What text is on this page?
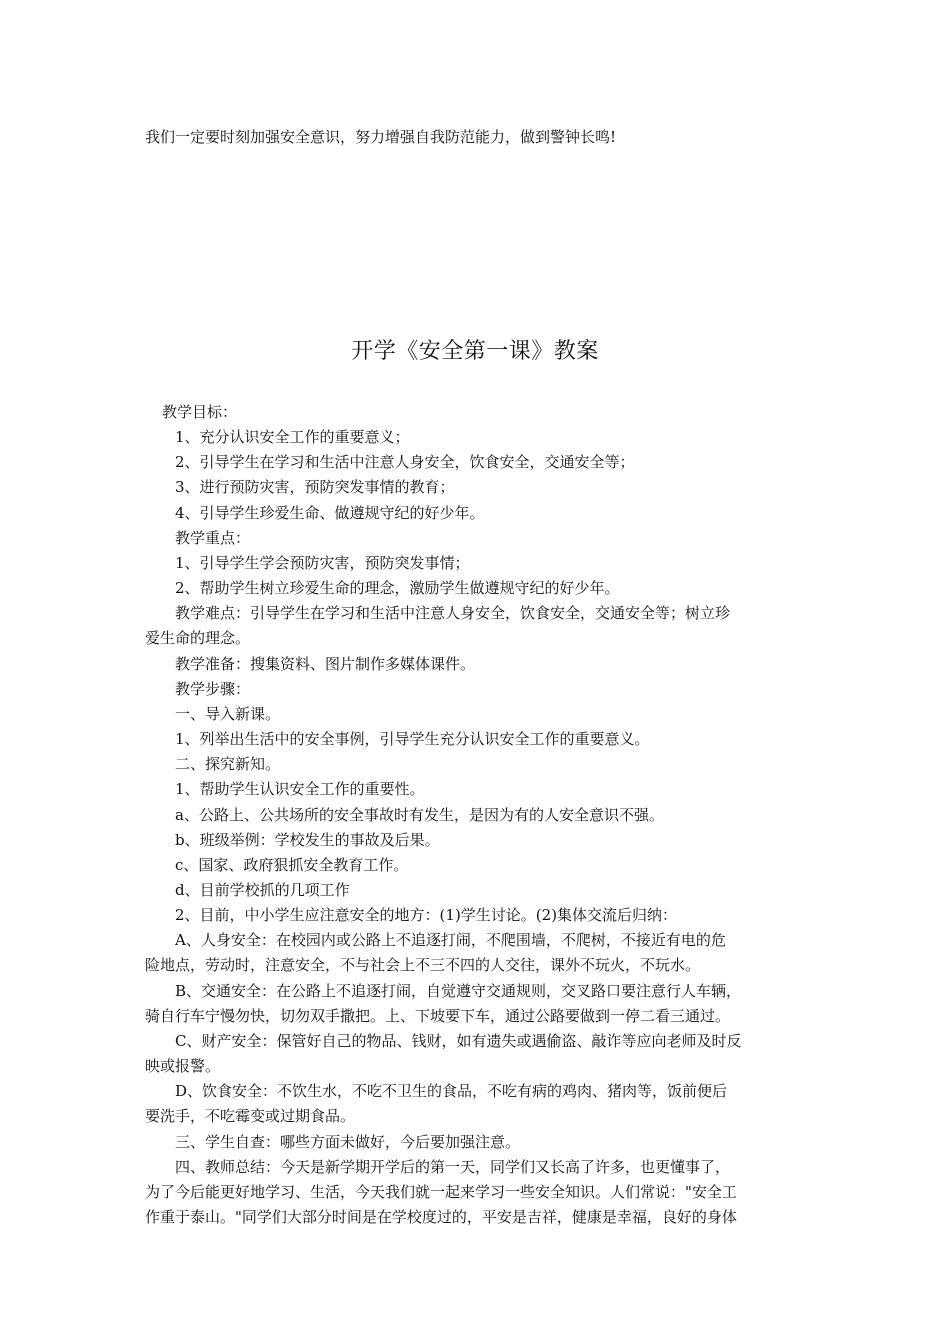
我们一定要时刻加强安全意识，努力增强自我防范能力，做到警钟长鸣!
开学《安全第一课》教案
教学目标：
1、充分认识安全工作的重要意义；
2、引导学生在学习和生活中注意人身安全，饮食安全，交通安全等；
3、进行预防灾害，预防突发事情的教育；
4、引导学生珍爱生命、做遵规守纪的好少年。
教学重点：
1、引导学生学会预防灾害，预防突发事情；
2、帮助学生树立珍爱生命的理念，激励学生做遵规守纪的好少年。
教学难点：引导学生在学习和生活中注意人身安全，饮食安全，交通安全等；树立珍
爱生命的理念。
教学准备：搜集资料、图片制作多媒体课件。
教学步骤：
一、导入新课。
1、列举出生活中的安全事例，引导学生充分认识安全工作的重要意义。
二、探究新知。
1、帮助学生认识安全工作的重要性。
a、公路上、公共场所的安全事故时有发生，是因为有的人安全意识不强。
b、班级举例：学校发生的事故及后果。
c、国家、政府狠抓安全教育工作。
d、目前学校抓的几项工作
2、目前，中小学生应注意安全的地方：(1)学生讨论。(2)集体交流后归纳：
A、人身安全：在校园内或公路上不追逐打闹，不爬围墙，不爬树，不接近有电的危
险地点，劳动时，注意安全，不与社会上不三不四的人交往，课外不玩火，不玩水。
B、交通安全：在公路上不追逐打闹，自觉遵守交通规则，交叉路口要注意行人车辆，
骑自行车宁慢勿快，切勿双手撒把。上、下坡要下车，通过公路要做到一停二看三通过。
C、财产安全：保管好自己的物品、钱财，如有遗失或遇偷盗、敲诈等应向老师及时反
映或报警。
D、饮食安全：不饮生水，不吃不卫生的食品，不吃有病的鸡肉、猪肉等，饭前便后
要洗手，不吃霉变或过期食品。
三、学生自查：哪些方面未做好，今后要加强注意。
四、教师总结：今天是新学期开学后的第一天，同学们又长高了许多，也更懂事了，
为了今后能更好地学习、生活，今天我们就一起来学习一些安全知识。人们常说："安全工
作重于泰山。"同学们大部分时间是在学校度过的，平安是吉祥，健康是幸福，良好的身体
